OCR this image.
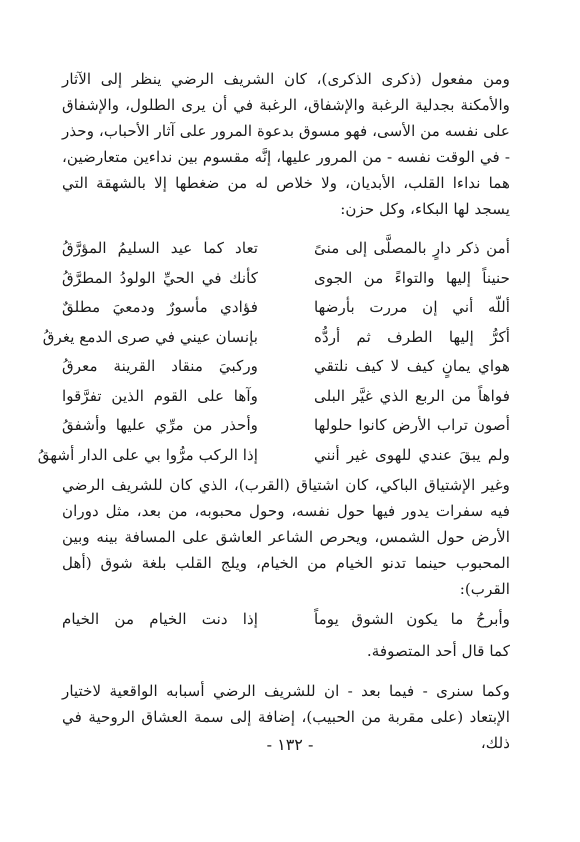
ومن مفعول (ذكرى الذكرى)، كان الشريف الرضي ينظر إلى الآثار والأمكنة بجدلية الرغبة والإشفاق، الرغبة في أن يرى الطلول، والإشفاق على نفسه من الأسى، فهو مسوق بدعوة المرور على آثار الأحباب، وحذر - في الوقت نفسه - من المرور عليها، إنَّه مقسوم بين نداءين متعارضين، هما نداءا القلب، الأبديان، ولا خلاص له من ضغطها إلا بالشهقة التي يسجد لها البكاء، وكل حزن:

أمن ذكر دارٍ بالمصلَّى إلى منىً
تعاد كما عيد السليمُ المؤرَّقُ
حنيناً إليها والتواءً من الجوى
كأنك في الحيِّ الولودُ المطرَّقُ
أللّه أني إن مررت بأرضها
فؤادي مأسورٌ ودمعيَ مطلقٌ
أكرُّ إليها الطرف ثم أردُّه
بإنسان عيني في صرى الدمع يغرقُ
هواي يمانٍ كيف لا كيف نلتقي
وركبيَ منقاد القرينة معرقُ
فواهاً من الربع الذي غيَّر البلى
وآها على القوم الذين تفرَّقوا
أصون تراب الأرض كانوا حلولها
وأحذر من مرِّي عليها وأشفقُ
ولم يبقَ عندي للهوى غير أنني
إذا الركب مرُّوا بي على الدار أشهقُ

وغير الإشتياق الباكي، كان اشتياق (القرب)، الذي كان للشريف الرضي فيه سفرات يدور فيها حول نفسه، وحول محبوبه، من بعد، مثل دوران الأرض حول الشمس، ويحرص الشاعر العاشق على المسافة بينه وبين المحبوب حينما تدنو الخيام من الخيام، ويلج القلب بلغة شوق (أهل القرب):

وأبرحُ ما يكون الشوق يوماً
إذا دنت الخيام من الخيام

كما قال أحد المتصوفة.

وكما سنرى - فيما بعد - ان للشريف الرضي أسبابه الواقعية لاختيار الإبتعاد (على مقربة من الحبيب)، إضافة إلى سمة العشاق الروحية في ذلك،

- ١٣٢ -
